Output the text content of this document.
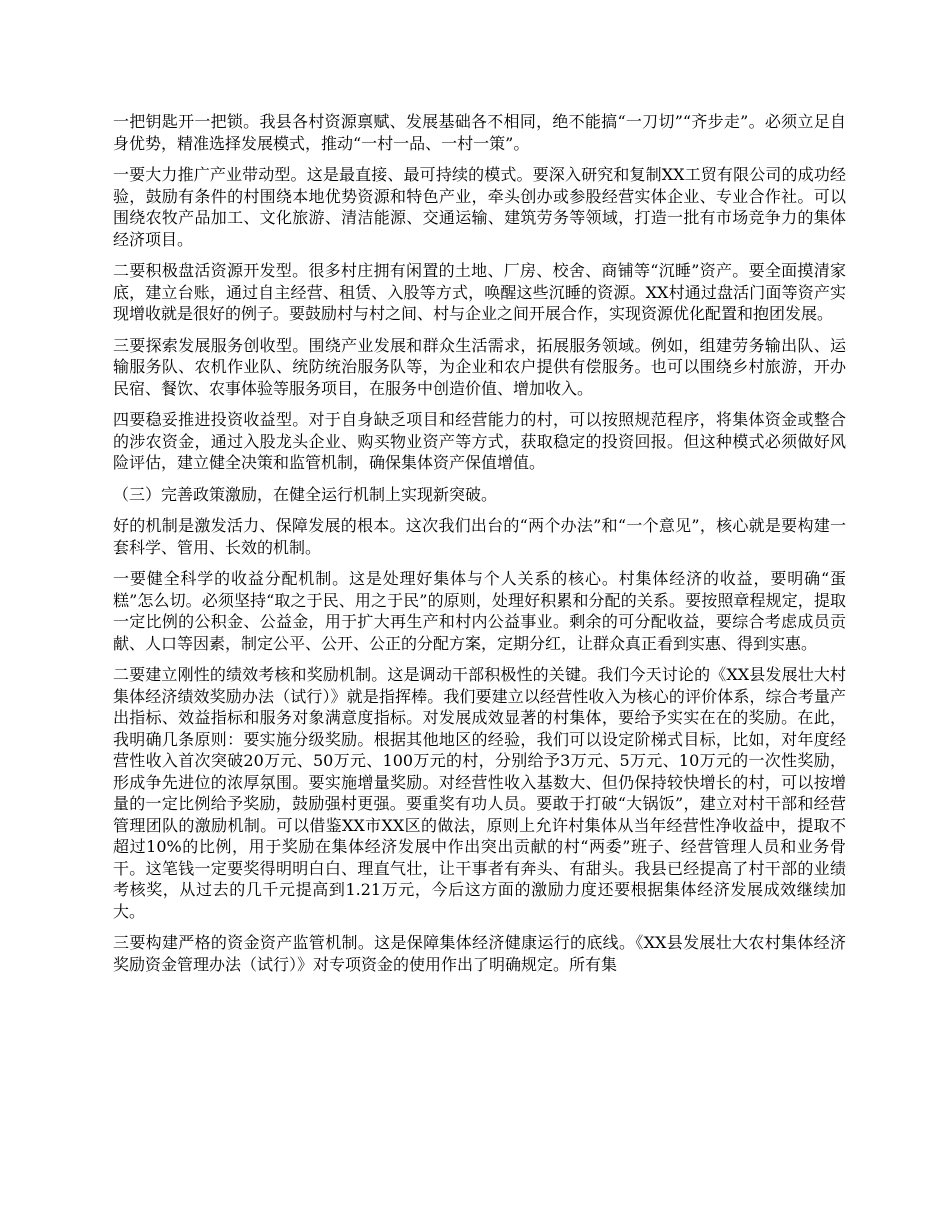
一把钥匙开一把锁。我县各村资源禀赋、发展基础各不相同，绝不能搞“一刀切”“齐步走”。必须立足自身优势，精准选择发展模式，推动“一村一品、一村一策”。

一要大力推广产业带动型。这是最直接、最可持续的模式。要深入研究和复制XX工贸有限公司的成功经验，鼓励有条件的村围绕本地优势资源和特色产业，牵头创办或参股经营实体企业、专业合作社。可以围绕农牧产品加工、文化旅游、清洁能源、交通运输、建筑劳务等领域，打造一批有市场竞争力的集体经济项目。

二要积极盘活资源开发型。很多村庄拥有闲置的土地、厂房、校舍、商铺等“沉睡”资产。要全面摸清家底，建立台账，通过自主经营、租赁、入股等方式，唤醒这些沉睡的资源。XX村通过盘活门面等资产实现增收就是很好的例子。要鼓励村与村之间、村与企业之间开展合作，实现资源优化配置和抱团发展。

三要探索发展服务创收型。围绕产业发展和群众生活需求，拓展服务领域。例如，组建劳务输出队、运输服务队、农机作业队、统防统治服务队等，为企业和农户提供有偿服务。也可以围绕乡村旅游，开办民宿、餐饮、农事体验等服务项目，在服务中创造价值、增加收入。

四要稳妥推进投资收益型。对于自身缺乏项目和经营能力的村，可以按照规范程序，将集体资金或整合的涉农资金，通过入股龙头企业、购买物业资产等方式，获取稳定的投资回报。但这种模式必须做好风险评估，建立健全决策和监管机制，确保集体资产保值增值。

（三）完善政策激励，在健全运行机制上实现新突破。

好的机制是激发活力、保障发展的根本。这次我们出台的“两个办法”和“一个意见”，核心就是要构建一套科学、管用、长效的机制。

一要健全科学的收益分配机制。这是处理好集体与个人关系的核心。村集体经济的收益，要明确“蛋糕”怎么切。必须坚持“取之于民、用之于民”的原则，处理好积累和分配的关系。要按照章程规定，提取一定比例的公积金、公益金，用于扩大再生产和村内公益事业。剩余的可分配收益，要综合考虑成员贡献、人口等因素，制定公平、公开、公正的分配方案，定期分红，让群众真正看到实惠、得到实惠。

二要建立刚性的绩效考核和奖励机制。这是调动干部积极性的关键。我们今天讨论的《XX县发展壮大村集体经济绩效奖励办法（试行）》就是指挥棒。我们要建立以经营性收入为核心的评价体系，综合考量产出指标、效益指标和服务对象满意度指标。对发展成效显著的村集体，要给予实实在在的奖励。在此，我明确几条原则：要实施分级奖励。根据其他地区的经验，我们可以设定阶梯式目标，比如，对年度经营性收入首次突破20万元、50万元、100万元的村，分别给予3万元、5万元、10万元的一次性奖励，形成争先进位的浓厚氛围。要实施增量奖励。对经营性收入基数大、但仍保持较快增长的村，可以按增量的一定比例给予奖励，鼓励强村更强。要重奖有功人员。要敢于打破“大锅饭”，建立对村干部和经营管理团队的激励机制。可以借鉴XX市XX区的做法，原则上允许村集体从当年经营性净收益中，提取不超过10%的比例，用于奖励在集体经济发展中作出突出贡献的村“两委”班子、经营管理人员和业务骨干。这笔钱一定要奖得明明白白、理直气壮，让干事者有奔头、有甜头。我县已经提高了村干部的业绩考核奖，从过去的几千元提高到1.21万元，今后这方面的激励力度还要根据集体经济发展成效继续加大。

三要构建严格的资金资产监管机制。这是保障集体经济健康运行的底线。《XX县发展壮大农村集体经济奖励资金管理办法（试行）》对专项资金的使用作出了明确规定。所有集
